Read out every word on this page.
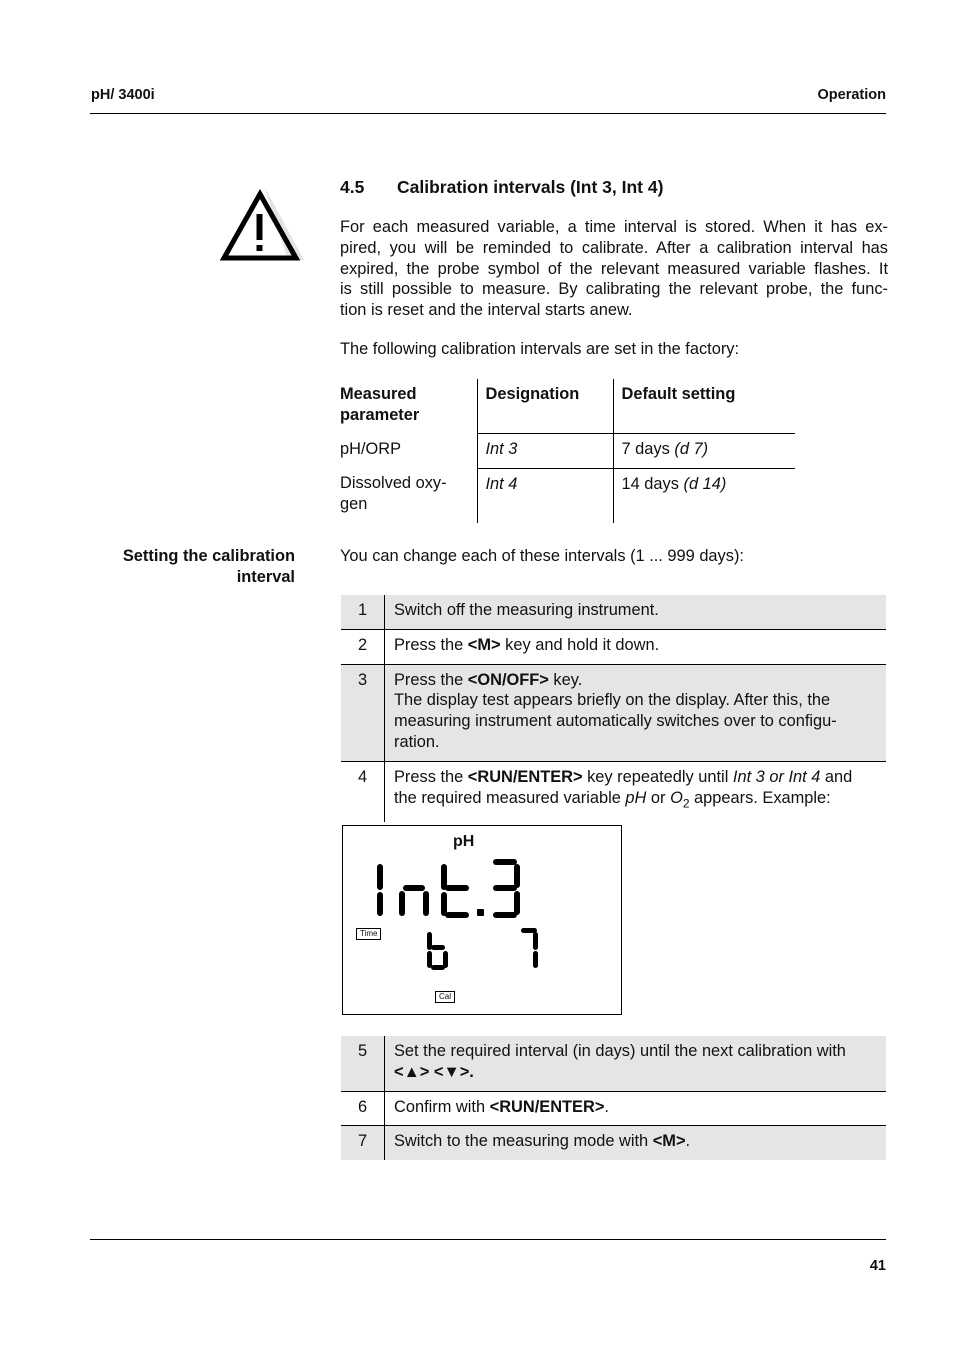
pH/ 3400i	Operation
4.5 Calibration intervals (Int 3, Int 4)
For each measured variable, a time interval is stored. When it has ex-
pired, you will be reminded to calibrate. After a calibration interval has
expired, the probe symbol of the relevant measured variable flashes. It
is still possible to measure. By calibrating the relevant probe, the func-
tion is reset and the interval starts anew.
The following calibration intervals are set in the factory:
Measured
parameter	Designation	Default setting
pH/ORP	Int 3	7 days (d 7)
Dissolved oxy-
gen	Int 4	14 days (d 14)
Setting the calibration
interval
You can change each of these intervals (1 ... 999 days):
1	Switch off the measuring instrument.
2	Press the <M> key and hold it down.
3	Press the <ON/OFF> key.

The display test appears briefly on the display. After this, the measuring instrument automatically switches over to configu-ration.

4	Press the <RUN/ENTER> key repeatedly until Int 3 or Int 4 and
the required measured variable pH or $O_2$ appears. Example:
pH
Time
Cal
5	Set the required interval (in days) until the next calibration with
<▲> <▼>.
6	Confirm with <RUN/ENTER>.
7	Switch to the measuring mode with <M>.
41
